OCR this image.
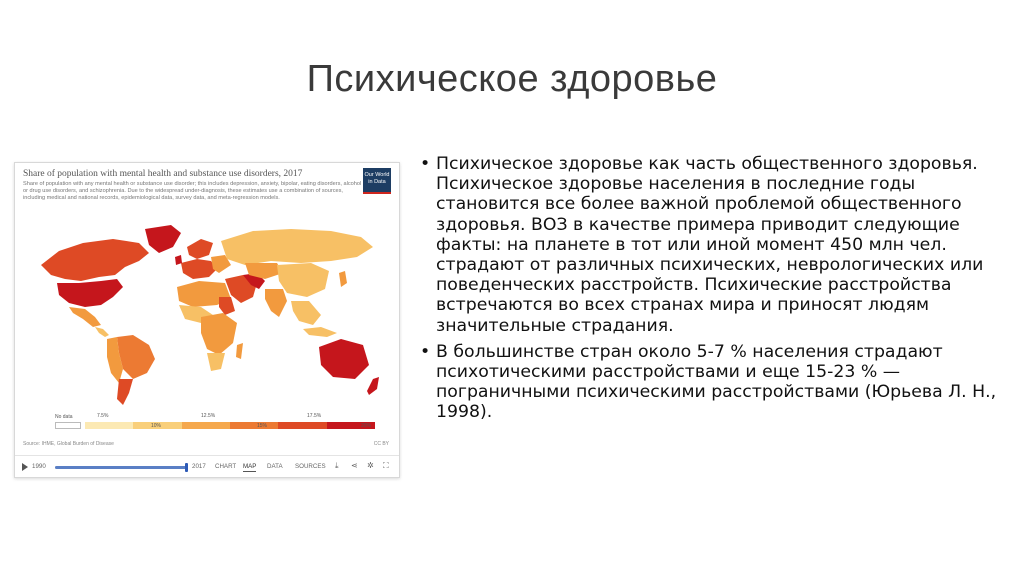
Психическое здоровье
Share of population with mental health and substance use disorders, 2017
Share of population with any mental health or substance use disorder; this includes depression, anxiety, bipolar, eating disorders, alcohol or drug use disorders, and schizophrenia. Due to the widespread under-diagnosis, these estimates use a combination of sources, including medical and national records, epidemiological data, survey data, and meta-regression models.
Our World in Data
No data	7.5%
10%
12.5%
15%
17.5%
20%
Source: IHME, Global Burden of Disease	CC BY
1990	2017 CHART MAP DATA SOURCES ⤓ ⋖ ✲ ⛶
• Психическое здоровье как часть общественного здоровья. Психическое здоровье населения в последние годы становится все более важной проблемой общественного здоровья. ВОЗ в качестве примера приводит следующие факты: на планете в тот или иной момент 450 млн чел. страдают от различных психических, неврологических или поведенческих расстройств. Психические расстройства встречаются во всех странах мира и приносят людям значительные страдания.
• В большинстве стран около 5-7 % населения страдают психотическими расстройствами и еще 15-23 % — пограничными психическими расстройствами (Юрьева Л. Н., 1998).
